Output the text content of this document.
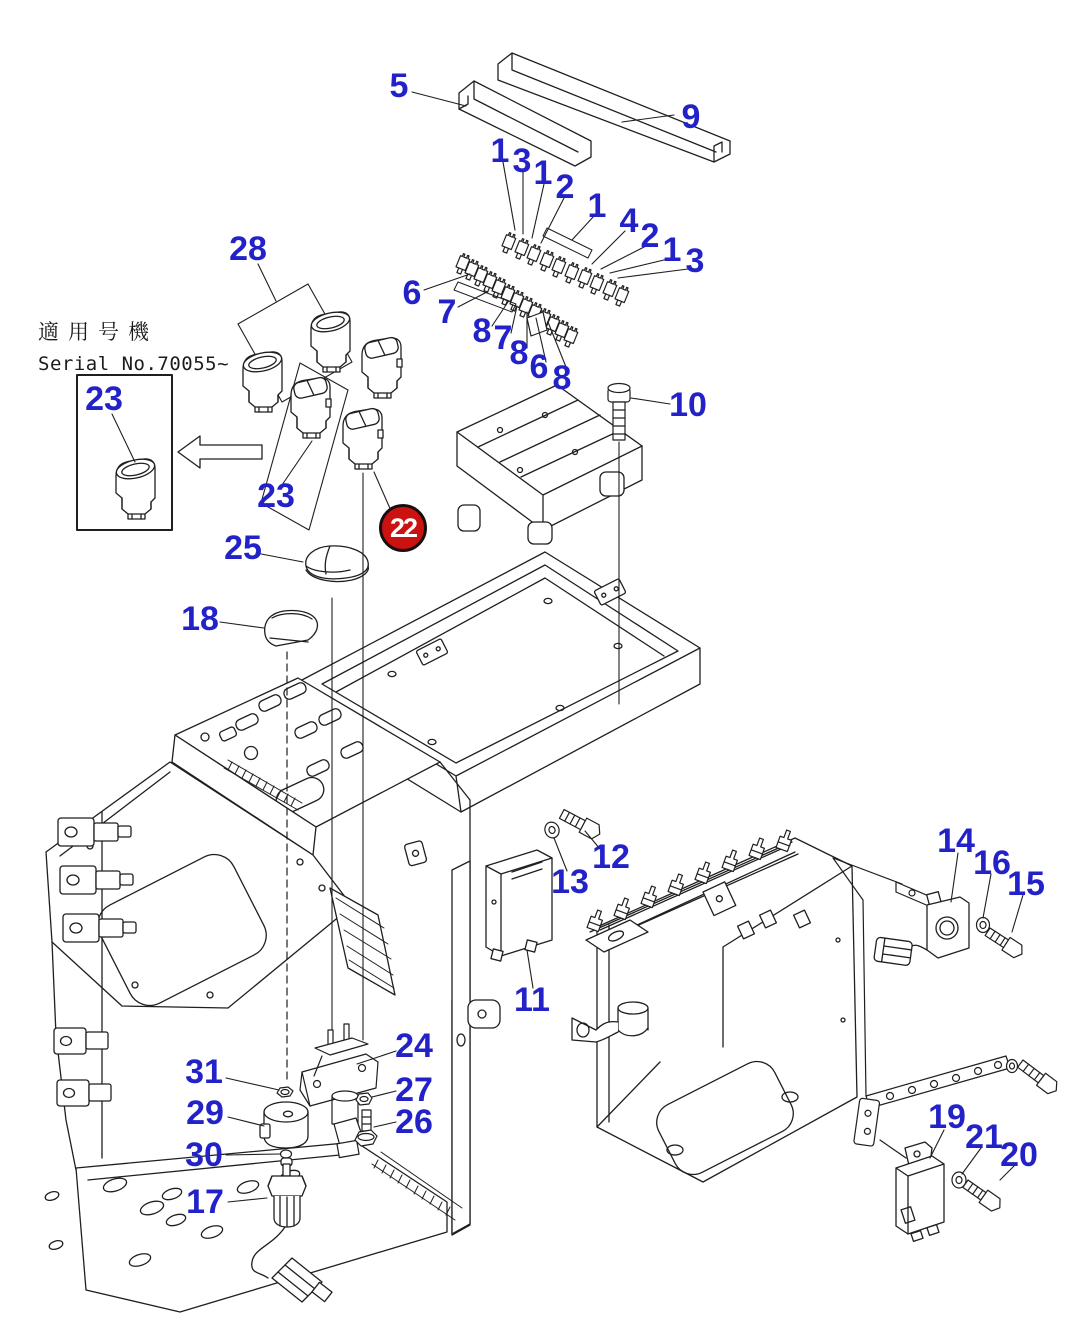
適用号機
Serial No.70055~
5
9
1 3 1 2 1 4 2 1 3
6 7 8 7
8 6 8
10
28
23
23
25
18
12
13
11
14
16
15
24
27
26
31
29
30
17
19
21
20
22
